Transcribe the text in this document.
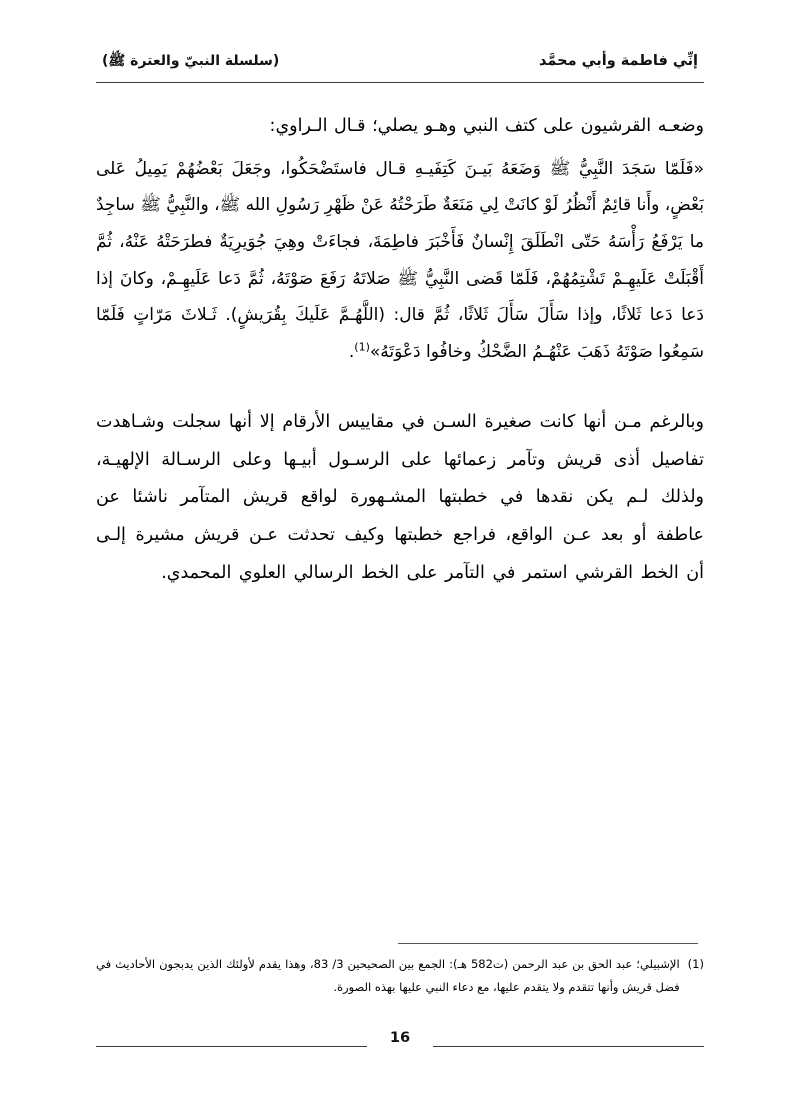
إنِّي فاطمة وأبي محمَّد
(سلسلة النبيّ والعترة ﷺ)

وضعـه القرشيون على كتف النبي وهـو يصلي؛ قـال الـراوي:

«فَلَمّا سَجَدَ النَّبِيُّ ﷺ وَضَعَهُ بَيـنَ كَتِفَيـهِ قـال فاستَضْحَكُوا، وجَعَلَ بَعْضُهُمْ يَمِيلُ عَلى بَعْضٍ، وأَنا قائِمٌ أَنْظُرُ لَوْ كانَتْ لِي مَنَعَةٌ طَرَحْتُهُ عَنْ ظَهْرِ رَسُولِ الله ﷺ، والنَّبِيُّ ﷺ ساجِدٌ ما يَرْفَعُ رَأْسَهُ حَتّى انْطَلَقَ إِنْسانٌ فَأَخْبَرَ فاطِمَةَ، فجاءَتْ وهِيَ جُوَيرِيَةٌ فطرَحَتْهُ عَنْهُ، ثُمَّ أَقْبَلَتْ عَلَيهِـمْ تَشْتِمُهُمْ، فَلَمّا قَضى النَّبِيُّ ﷺ صَلاتَهُ رَفَعَ صَوْتَهُ، ثُمَّ دَعا عَلَيهِـمْ، وكانَ إذا دَعا دَعا ثَلاثًا، وإذا سَأَلَ سَأَلَ ثَلاثًا، ثُمَّ قال: (اللَّهُـمَّ عَلَيكَ بِقُرَيشٍ). ثَـلاثَ مَرّاتٍ فَلَمّا سَمِعُوا صَوْتَهُ ذَهَبَ عَنْهُـمُ الضَّحْكُ وخافُوا دَعْوَتَهُ»$^{(1)}$.

وبالرغم مـن أنها كانت صغيرة السـن في مقاييس الأرقام إلا أنها سجلت وشـاهدت تفاصيل أذى قريش وتآمر زعمائها على الرسـول أبيـها وعلى الرسـالة الإلهيـة، ولذلك لـم يكن نقدها في خطبتها المشـهورة لواقع قريش المتآمر ناشئا عن عاطفة أو بعد عـن الواقع، فراجع خطبتها وكيف تحدثت عـن قريش مشيرة إلـى أن الخط القرشي استمر في التآمر على الخط الرسالي العلوي المحمدي.

(1)
الإشبيلي؛ عبد الحق بن عبد الرحمن (ت582 هـ): الجمع بين الصحيحين 3/ 83، وهذا يقدم لأولئك الذين يدبجون الأحاديث في فضل قريش وأنها تتقدم ولا يتقدم عليها، مع دعاء النبي عليها بهذه الصورة.
16
